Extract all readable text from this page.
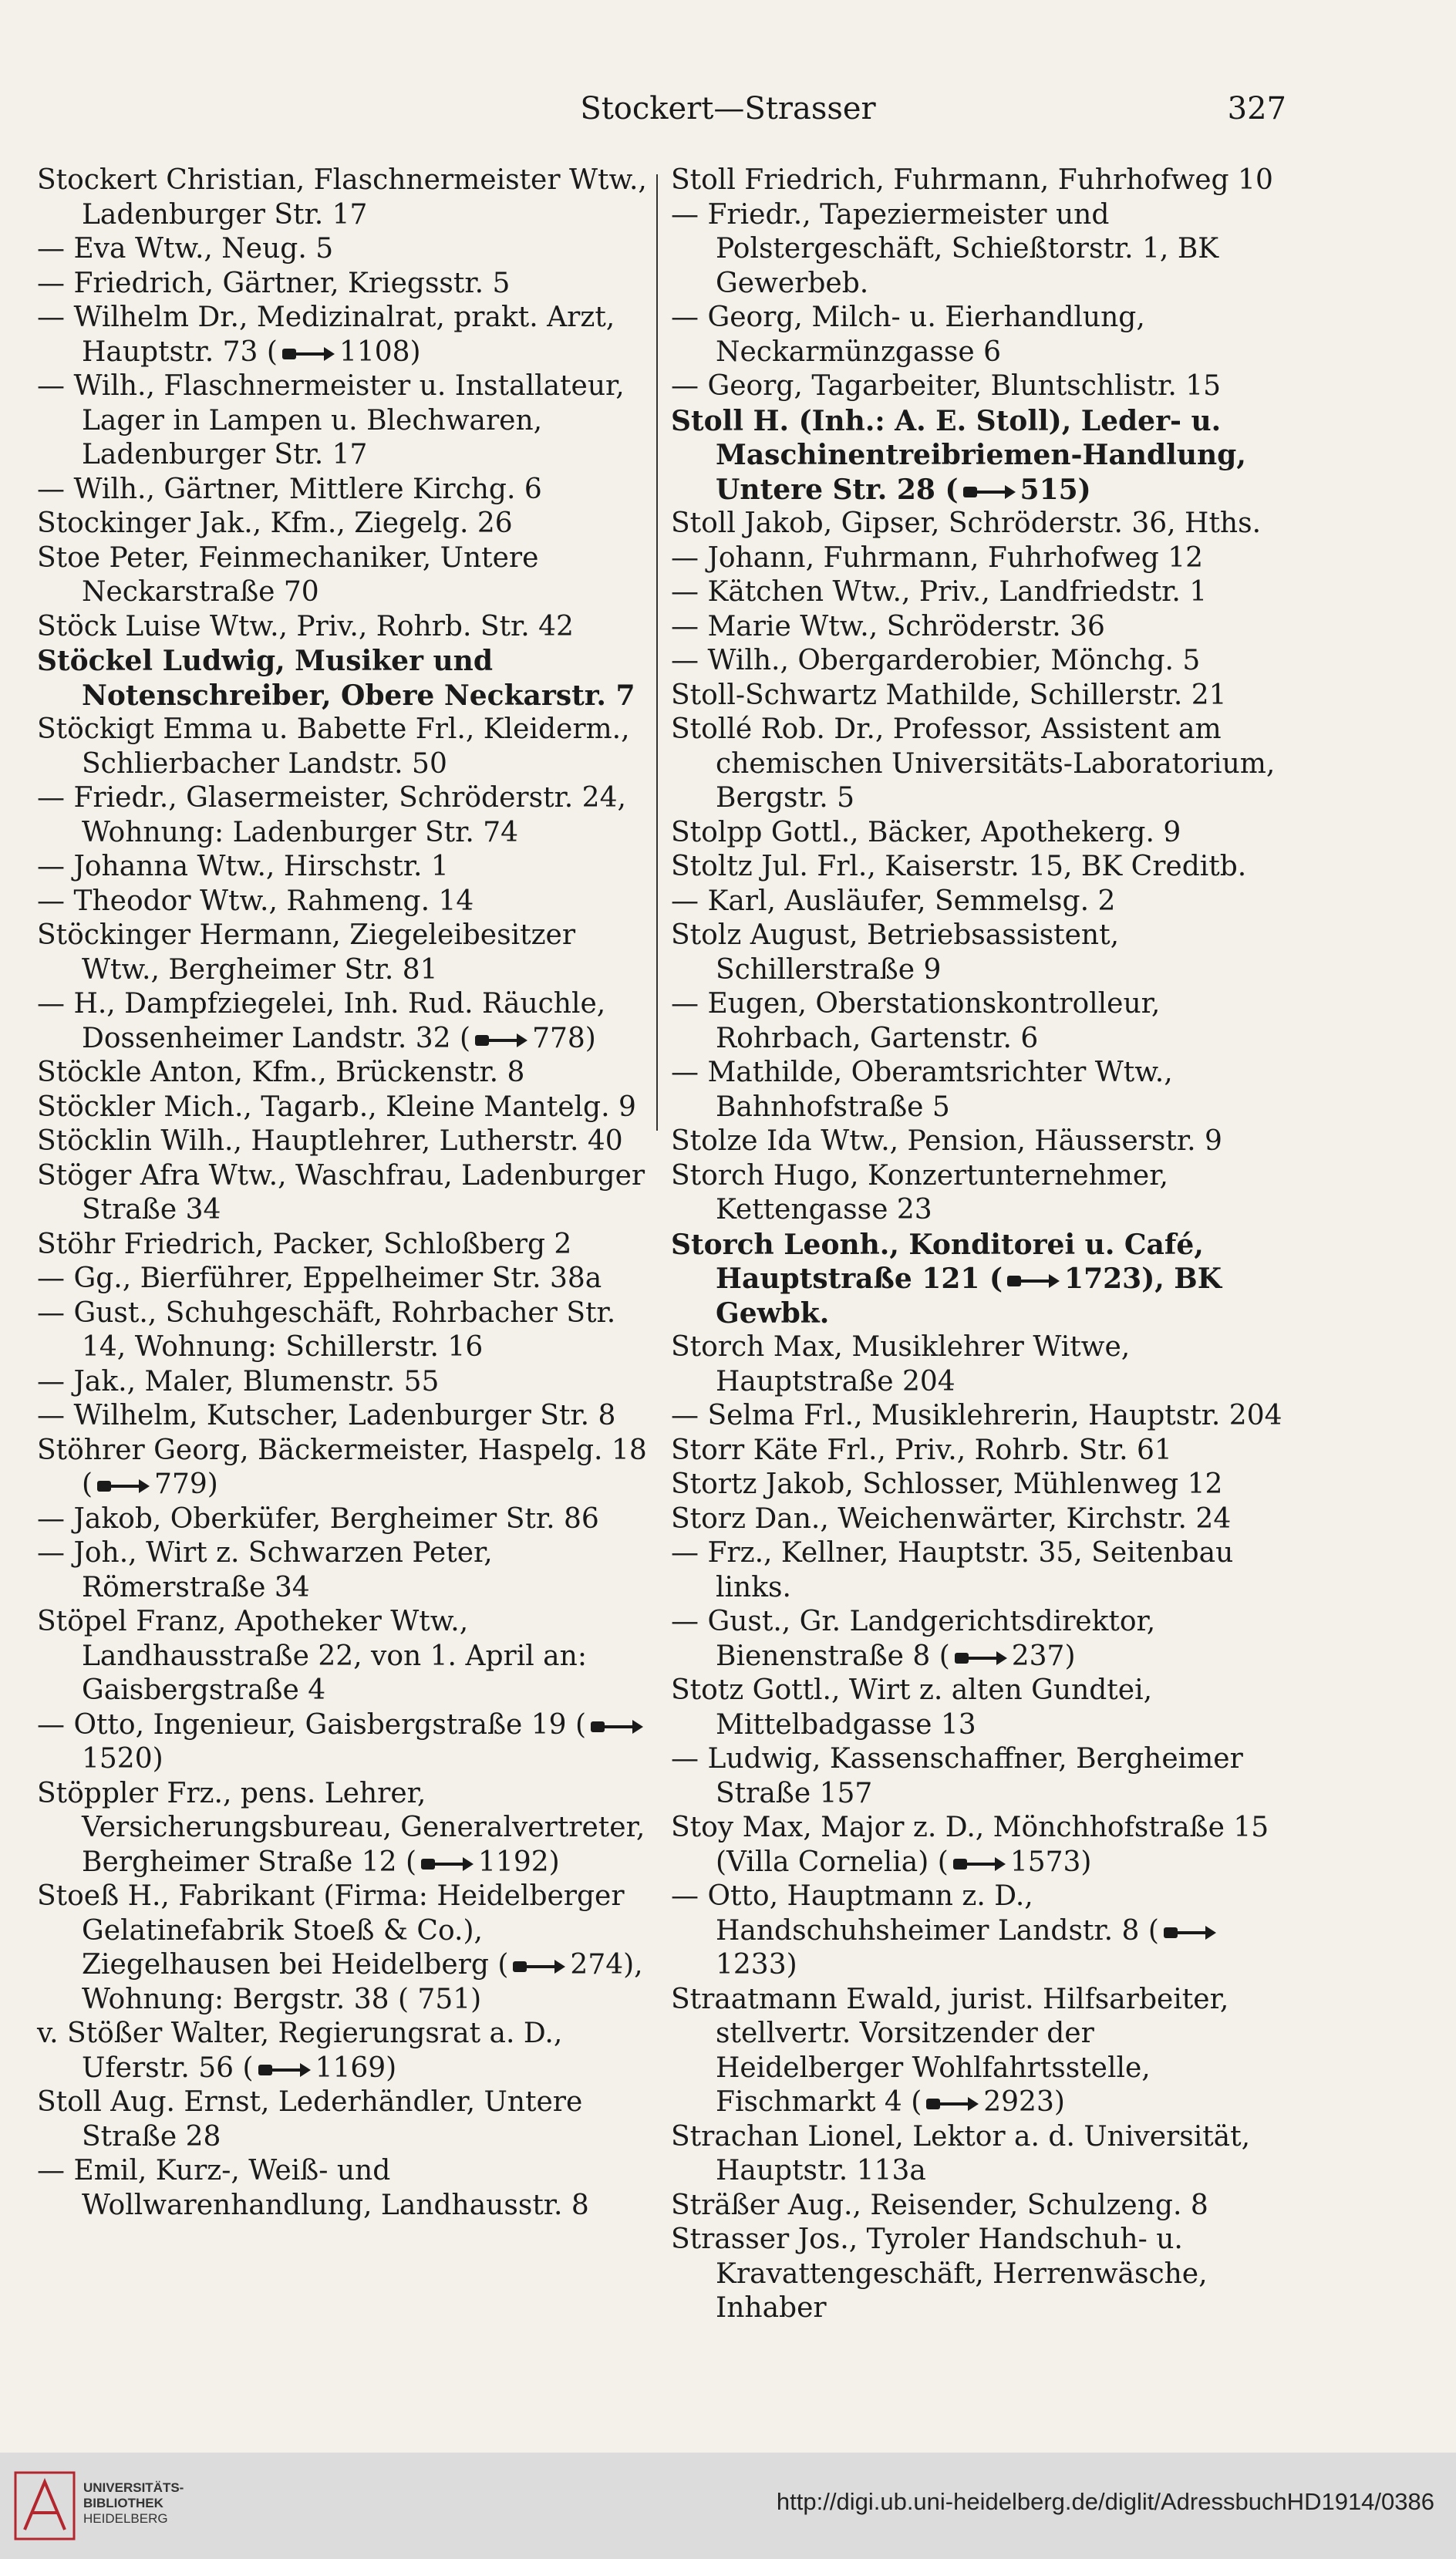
Stockert—Strasser	327

Stockert Christian, Flaschnermeister Wtw., Ladenburger Str. 17

— Eva Wtw., Neug. 5

— Friedrich, Gärtner, Kriegsstr. 5

— Wilhelm Dr., Medizinalrat, prakt. Arzt, Hauptstr. 73 ( 1108)

— Wilh., Flaschnermeister u. Installateur, Lager in Lampen u. Blechwaren, Ladenburger Str. 17

— Wilh., Gärtner, Mittlere Kirchg. 6

Stockinger Jak., Kfm., Ziegelg. 26

Stoe Peter, Feinmechaniker, Untere Neckarstraße 70

Stöck Luise Wtw., Priv., Rohrb. Str. 42

Stöckel Ludwig, Musiker und Notenschreiber, Obere Neckarstr. 7

Stöckigt Emma u. Babette Frl., Kleiderm., Schlierbacher Landstr. 50

— Friedr., Glasermeister, Schröderstr. 24, Wohnung: Ladenburger Str. 74

— Johanna Wtw., Hirschstr. 1

— Theodor Wtw., Rahmeng. 14

Stöckinger Hermann, Ziegeleibesitzer Wtw., Bergheimer Str. 81

— H., Dampfziegelei, Inh. Rud. Räuchle, Dossenheimer Landstr. 32 ( 778)

Stöckle Anton, Kfm., Brückenstr. 8

Stöckler Mich., Tagarb., Kleine Mantelg. 9

Stöcklin Wilh., Hauptlehrer, Lutherstr. 40

Stöger Afra Wtw., Waschfrau, Ladenburger Straße 34

Stöhr Friedrich, Packer, Schloßberg 2

— Gg., Bierführer, Eppelheimer Str. 38a

— Gust., Schuhgeschäft, Rohrbacher Str. 14, Wohnung: Schillerstr. 16

— Jak., Maler, Blumenstr. 55

— Wilhelm, Kutscher, Ladenburger Str. 8

Stöhrer Georg, Bäckermeister, Haspelg. 18 ( 779)

— Jakob, Oberküfer, Bergheimer Str. 86

— Joh., Wirt z. Schwarzen Peter, Römerstraße 34

Stöpel Franz, Apotheker Wtw., Landhausstraße 22, von 1. April an: Gaisbergstraße 4

— Otto, Ingenieur, Gaisbergstraße 19 (1520)

Stöppler Frz., pens. Lehrer, Versicherungsbureau, Generalvertreter, Bergheimer Straße 12 ( 1192)

Stoeß H., Fabrikant (Firma: Heidelberger Gelatinefabrik Stoeß & Co.), Ziegelhausen bei Heidelberg ( 274), Wohnung: Bergstr. 38 ( 751)

v. Stößer Walter, Regierungsrat a. D., Uferstr. 56 ( 1169)

Stoll Aug. Ernst, Lederhändler, Untere Straße 28

— Emil, Kurz-, Weiß- und Wollwarenhandlung, Landhausstr. 8

Stoll Friedrich, Fuhrmann, Fuhrhofweg 10

— Friedr., Tapeziermeister und Polstergeschäft, Schießtorstr. 1, BK Gewerbeb.

— Georg, Milch- u. Eierhandlung, Neckarmünzgasse 6

— Georg, Tagarbeiter, Bluntschlistr. 15

Stoll H. (Inh.: A. E. Stoll), Leder- u. Maschinentreibriemen-Handlung, Untere Str. 28 ( 515)

Stoll Jakob, Gipser, Schröderstr. 36, Hths.

— Johann, Fuhrmann, Fuhrhofweg 12

— Kätchen Wtw., Priv., Landfriedstr. 1

— Marie Wtw., Schröderstr. 36

— Wilh., Obergarderobier, Mönchg. 5

Stoll-Schwartz Mathilde, Schillerstr. 21

Stollé Rob. Dr., Professor, Assistent am chemischen Universitäts-Laboratorium, Bergstr. 5

Stolpp Gottl., Bäcker, Apothekerg. 9

Stoltz Jul. Frl., Kaiserstr. 15, BK Creditb.

— Karl, Ausläufer, Semmelsg. 2

Stolz August, Betriebsassistent, Schillerstraße 9

— Eugen, Oberstationskontrolleur, Rohrbach, Gartenstr. 6

— Mathilde, Oberamtsrichter Wtw., Bahnhofstraße 5

Stolze Ida Wtw., Pension, Häusserstr. 9

Storch Hugo, Konzertunternehmer, Kettengasse 23

Storch Leonh., Konditorei u. Café, Hauptstraße 121 ( 1723), BK Gewbk.

Storch Max, Musiklehrer Witwe, Hauptstraße 204

— Selma Frl., Musiklehrerin, Hauptstr. 204

Storr Käte Frl., Priv., Rohrb. Str. 61

Stortz Jakob, Schlosser, Mühlenweg 12

Storz Dan., Weichenwärter, Kirchstr. 24

— Frz., Kellner, Hauptstr. 35, Seitenbau links.

— Gust., Gr. Landgerichtsdirektor, Bienenstraße 8 ( 237)

Stotz Gottl., Wirt z. alten Gundtei, Mittelbadgasse 13

— Ludwig, Kassenschaffner, Bergheimer Straße 157

Stoy Max, Major z. D., Mönchhofstraße 15 (Villa Cornelia) ( 1573)

— Otto, Hauptmann z. D., Handschuhsheimer Landstr. 8 (1233)

Straatmann Ewald, jurist. Hilfsarbeiter, stellvertr. Vorsitzender der Heidelberger Wohlfahrtsstelle, Fischmarkt 4 ( 2923)

Strachan Lionel, Lektor a. d. Universität, Hauptstr. 113a

Sträßer Aug., Reisender, Schulzeng. 8

Strasser Jos., Tyroler Handschuh- u. Kravattengeschäft, Herrenwäsche, Inhaber

UNIVERSITÄTS-
BIBLIOTHEK
HEIDELBERG
http://digi.ub.uni-heidelberg.de/diglit/AdressbuchHD1914/0386
